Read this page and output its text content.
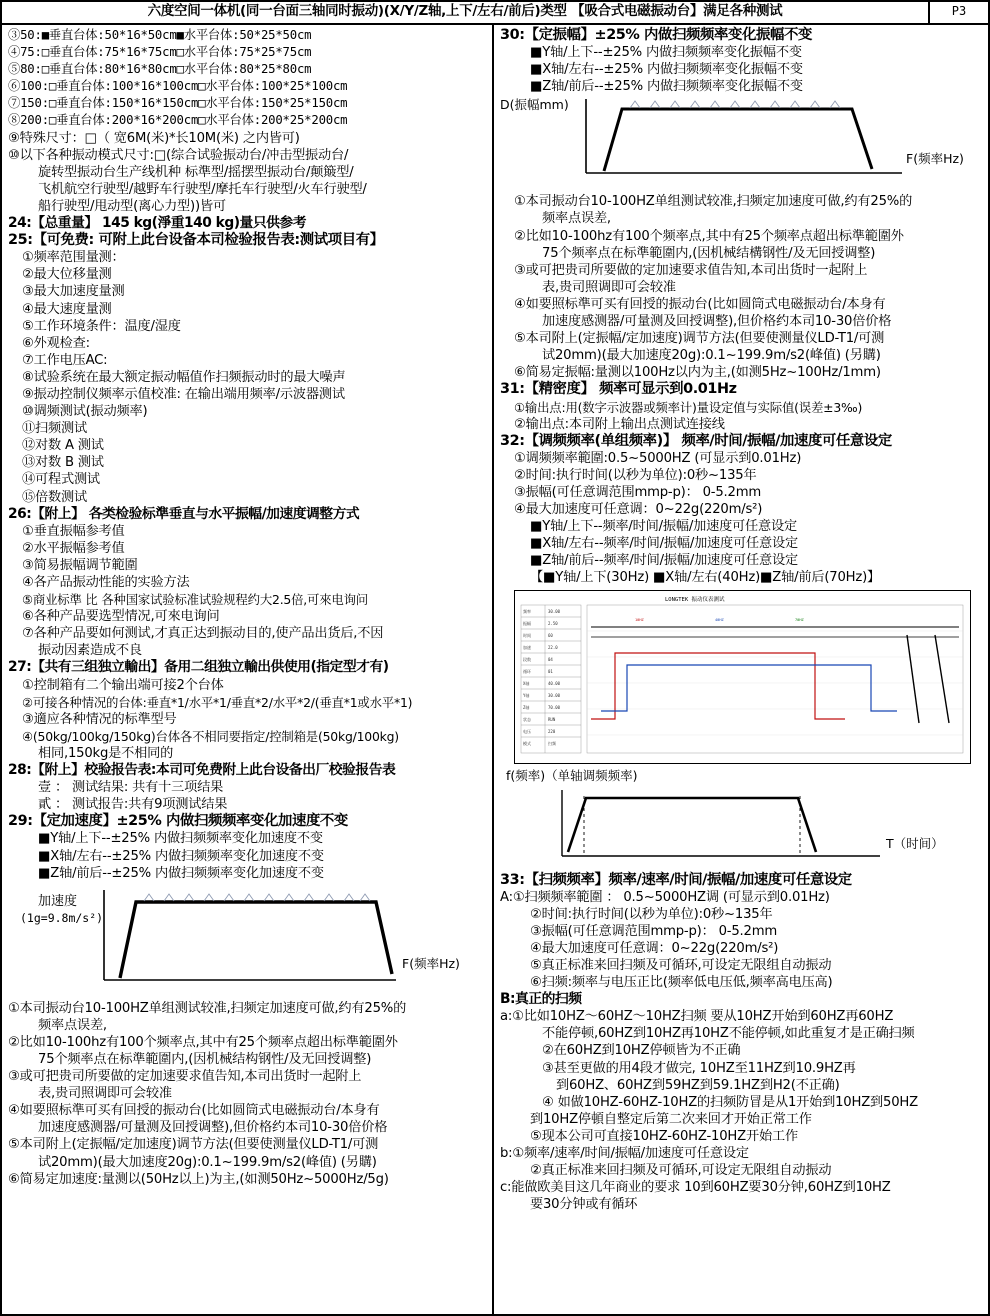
六度空间一体机(同一台面三轴同时振动)(X/Y/Z轴,上下/左右/前后)类型 【吸合式电磁振动台】满足各种测试	P3
③50:■垂直台体:50*16*50cm■水平台体:50*25*50cm
④75:□垂直台体:75*16*75cm□水平台体:75*25*75cm
⑤80:□垂直台体:80*16*80cm□水平台体:80*25*80cm
⑥100:□垂直台体:100*16*100cm□水平台体:100*25*100cm
⑦150:□垂直台体:150*16*150cm□水平台体:150*25*150cm
⑧200:□垂直台体:200*16*200cm□水平台体:200*25*200cm
⑨特殊尺寸：□（ 宽6M(米)*长10M(米) 之内皆可)
⑩以下各种振动模式尺寸:□(综合试验振动台/冲击型振动台/
旋转型振动台生产线机种 标準型/摇摆型振动台/颠簸型/
飞机航空行驶型/越野车行驶型/摩托车行驶型/火车行驶型/
船行驶型/甩动型(离心力型))皆可
24:【总重量】 145 kg(淨重140 kg)量只供参考
25:【可免费: 可附上此台设备本司检验报告表:测试项目有】
①频率范围量测：
②最大位移量测
③最大加速度量测
④最大速度量测
⑤工作环境条件：温度/湿度
⑥外观检查:
⑦工作电压AC:
⑧试验系统在最大额定振动幅值作扫频振动时的最大噪声
⑨振动控制仪频率示值校准: 在输出端用频率/示波器测试
⑩调频测试(振动频率)
⑪扫频测试
⑫对数 A 测试
⑬对数 B 测试
⑭可程式测试
⑮倍数测试
26:【附上】 各类检验标準垂直与水平振幅/加速度调整方式
①垂直振幅参考值
②水平振幅参考值
③简易振幅调节範圍
④各产品振动性能的实验方法
⑤商业标準 比 各种国家试验标准试验规程约大2.5倍,可來电询问
⑥各种产品要选型情况,可來电询问
⑦各种产品要如何测试,才真正达到振动目的,使产品出货后,不因
振动因素造成不良
27:【共有三组独立輸出】备用二组独立輸出供使用(指定型才有)
①控制箱有二个输出端可接2个台体
②可接各种情况的台体:垂直*1/水平*1/垂直*2/水平*2/(垂直*1或水平*1)
③適应各种情况的标準型号
④(50kg/100kg/150kg)台体各不相同要指定/控制箱是(50kg/100kg)
相同,150kg是不相同的
28:【附上】校验报告表:本司可免费附上此台设备出厂校验报告表
壹 ： 测试结果: 共有十三项结果
貳 ： 测试报告:共有9项测试结果
29:【定加速度】±25% 内做扫频频率变化加速度不变
■Y轴/上下--±25% 内做扫频频率变化加速度不变
■X轴/左右--±25% 内做扫频频率变化加速度不变
■Z轴/前后--±25% 内做扫频频率变化加速度不变
加速度
(1g=9.8m/s²)
F(频率Hz)
①本司振动台10-100HZ单组测试较准,扫频定加速度可做,约有25%的
频率点误差,
②比如10-100hz有100个频率点,其中有25个频率点超出标準範圍外
75个频率点在标準範圍内,(因机械结构钢性/及无回授调整)
③或可把贵司所要做的定加速要求值告知,本司出货时一起附上
表,贵司照调即可会较准
④如要照标準可买有回授的振动台(比如圆筒式电磁振动台/本身有
加速度感测器/可量测及回授调整),但价格约本司10-30倍价格
⑤本司附上(定振幅/定加速度)调节方法(但要使测量仪LD-T1/可测
试20mm)(最大加速度20g):0.1~199.9m/s2(峰值) (另購)
⑥简易定加速度:量测以(50Hz以上)为主,(如测50Hz~5000Hz/5g)
30:【定振幅】±25% 内做扫频频率变化振幅不变
■Y轴/上下--±25% 内做扫频频率变化振幅不变
■X轴/左右--±25% 内做扫频频率变化振幅不变
■Z轴/前后--±25% 内做扫频频率变化振幅不变
D(振幅mm)
F(频率Hz)
①本司振动台10-100HZ单组测试较准,扫频定加速度可做,约有25%的
频率点误差,
②比如10-100hz有100个频率点,其中有25个频率点超出标準範圍外
75个频率点在标準範圍内,(因机械结構钢性/及无回授调整)
③或可把贵司所要做的定加速要求值告知,本司出货时一起附上
表,贵司照调即可会较准
④如要照标準可买有回授的振动台(比如圆筒式电磁振动台/本身有
加速度感测器/可量测及回授调整),但价格约本司10-30倍价格
⑤本司附上(定振幅/定加速度)调节方法(但要使测量仪LD-T1/可测
试20mm)(最大加速度20g):0.1~199.9m/s2(峰值) (另購)
⑥简易定振幅:量测以100Hz以内为主,(如测5Hz~100Hz/1mm)
31:【精密度】 频率可显示到0.01Hz
①输出点:用(数字示波器或频率计)量设定值与实际值(误差±3‰)
②输出点:本司附上输出点测试连接线
32:【调频频率(单组频率)】 频率/时间/振幅/加速度可任意设定
①调频频率範圍:0.5~5000HZ (可显示到0.01Hz)
②时间:执行时间(以秒为单位):0秒~135年
③振幅(可任意调范围mmp-p)： 0-5.2mm
④最大加速度可任意调：0~22g(220m/s²)
■Y轴/上下--频率/时间/振幅/加速度可任意设定
■X轴/左右--频率/时间/振幅/加速度可任意设定
■Z轴/前后--频率/时间/振幅/加速度可任意设定
【■Y轴/上下(30Hz) ■X轴/左右(40Hz)■Z轴/前后(70Hz)】
LONGTEK 振动仪表测试
频率	30.00
振幅	2.50
时间	60
加速	22.0
段数	04
循环	01
X轴	40.00
Y轴	30.00
Z轴	70.00
状态	RUN
电压	220
模式	扫频
10HZ	40HZ	70HZ
f(频率)（单轴调频频率)
T（时间）
33:【扫频频率】频率/速率/时间/振幅/加速度可任意设定
A:①扫频频率範圍 ： 0.5~5000HZ调 (可显示到0.01Hz)
②时间:执行时间(以秒为单位):0秒~135年
③振幅(可任意调范围mmp-p)： 0-5.2mm
④最大加速度可任意调：0~22g(220m/s²)
⑤真正标准来回扫频及可循环,可设定无限组自动振动
⑥扫频:频率与电压正比(频率低电压低,频率高电压高)
B:真正的扫频
a:①比如10HZ～60HZ～10HZ扫频 要从10HZ开始到60HZ再60HZ
不能停顿,60HZ到10HZ再10HZ不能停顿,如此重复才是正确扫频
②在60HZ到10HZ停顿皆为不正确
③甚至更做的用4段才做完, 10HZ至11HZ到10.9HZ再
到60HZ、60HZ到59HZ到59.1HZ到H2(不正确)
④ 如做10HZ-60HZ-10HZ的扫频防冒是从1开始到10HZ到50HZ
到10HZ停頓自整定后第二次来回才开始正常工作
⑤现本公司可直接10HZ-60HZ-10HZ开始工作
b:①频率/速率/时间/振幅/加速度可任意设定
②真正标准来回扫频及可循环,可设定无限组自动振动
c:能做欧美目这几年商业的要求 10到60HZ要30分钟,60HZ到10HZ
要30分钟或有循环
